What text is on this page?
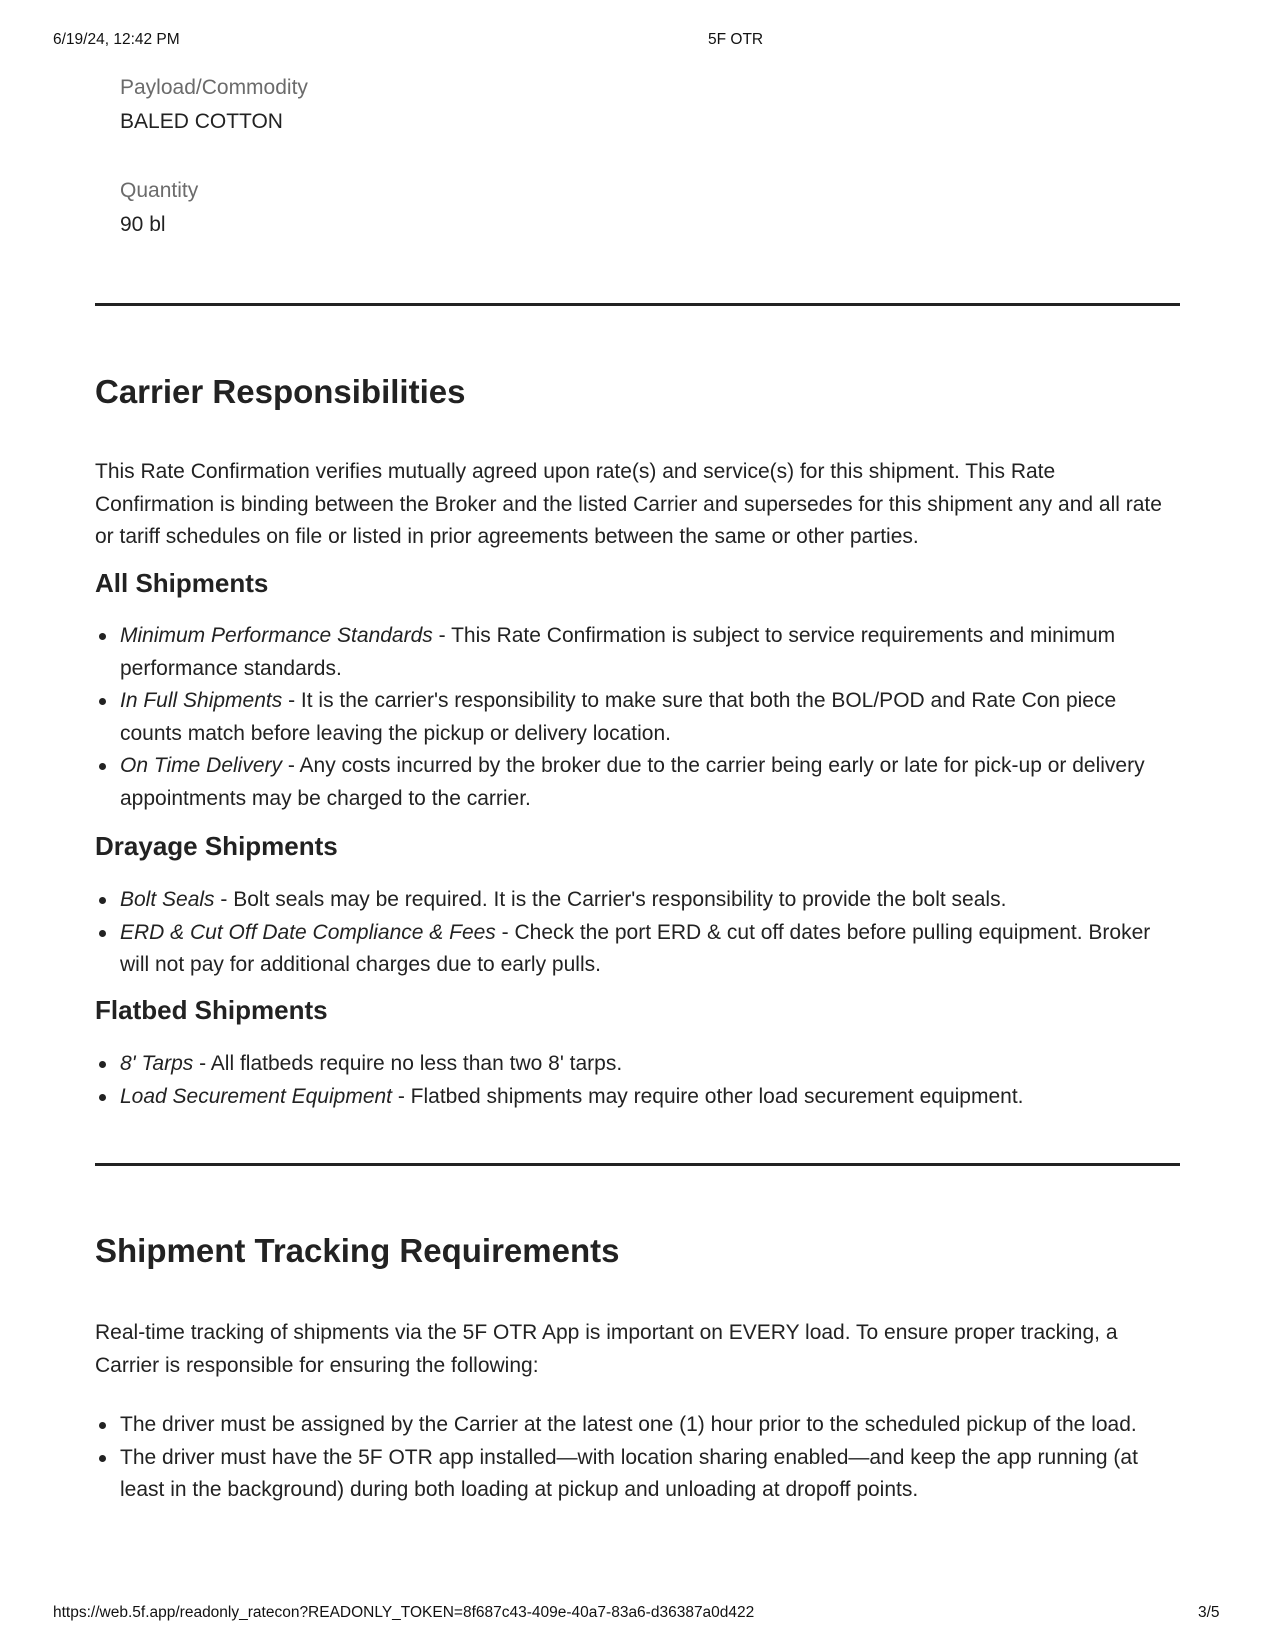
6/19/24, 12:42 PM	5F OTR
Payload/Commodity
BALED COTTON
Quantity
90 bl
Carrier Responsibilities

This Rate Confirmation verifies mutually agreed upon rate(s) and service(s) for this shipment. This Rate Confirmation is binding between the Broker and the listed Carrier and supersedes for this shipment any and all rate or tariff schedules on file or listed in prior agreements between the same or other parties.

All Shipments
Minimum Performance Standards - This Rate Confirmation is subject to service requirements and minimum performance standards.
In Full Shipments - It is the carrier's responsibility to make sure that both the BOL/POD and Rate Con piece counts match before leaving the pickup or delivery location.
On Time Delivery - Any costs incurred by the broker due to the carrier being early or late for pick-up or delivery appointments may be charged to the carrier.
Drayage Shipments
Bolt Seals - Bolt seals may be required. It is the Carrier's responsibility to provide the bolt seals.
ERD & Cut Off Date Compliance & Fees - Check the port ERD & cut off dates before pulling equipment. Broker will not pay for additional charges due to early pulls.
Flatbed Shipments
8' Tarps - All flatbeds require no less than two 8' tarps.
Load Securement Equipment - Flatbed shipments may require other load securement equipment.
Shipment Tracking Requirements

Real-time tracking of shipments via the 5F OTR App is important on EVERY load. To ensure proper tracking, a Carrier is responsible for ensuring the following:

The driver must be assigned by the Carrier at the latest one (1) hour prior to the scheduled pickup of the load.
The driver must have the 5F OTR app installed—with location sharing enabled—and keep the app running (at least in the background) during both loading at pickup and unloading at dropoff points.
https://web.5f.app/readonly_ratecon?READONLY_TOKEN=8f687c43-409e-40a7-83a6-d36387a0d422	3/5
